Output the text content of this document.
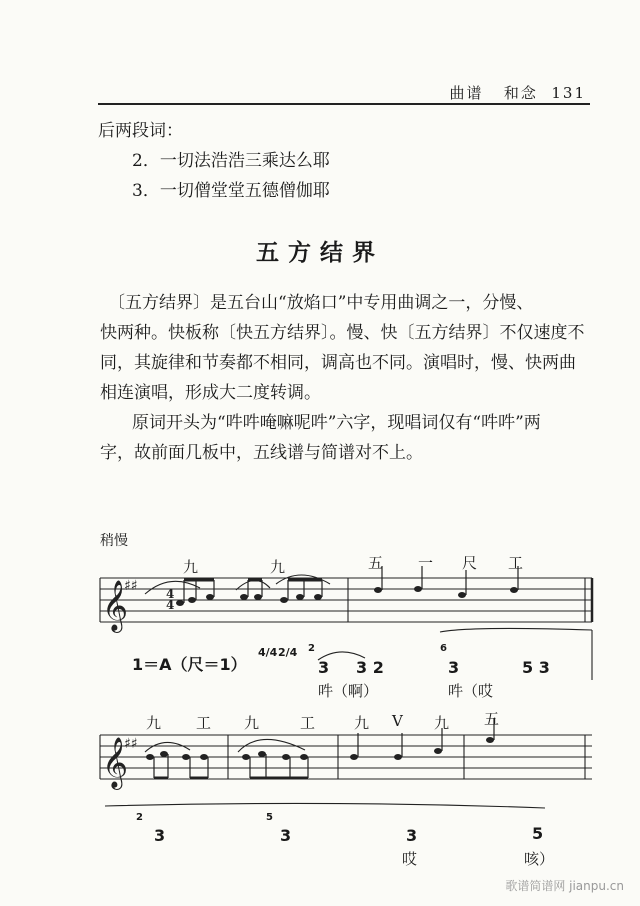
曲谱   和念  131
后两段词：
2．一切法浩浩三乘达么耶
3．一切僧堂堂五德僧伽耶
五方结界
〔五方结界〕是五台山“放焰口”中专用曲调之一，分慢、
快两种。快板称〔快五方结界〕。慢、快〔五方结界〕不仅速度不
同，其旋律和节奏都不相同，调高也不同。演唱时，慢、快两曲
相连演唱，形成大二度转调。
原词开头为“吽吽唵嘛呢吽”六字，现唱词仅有“吽吽”两
字，故前面几板中，五线谱与简谱对不上。
稍慢
九	九	五 一 尺 工
𝄞
𝄞
♯♯
♯♯
4
4
1＝A（尺＝1）
4/4 2/4 2
3 3 2
6
3	5 3
吽（啊）	吽（哎
九 工 九	工	九 V 九 五
2
3
5
3	3	5
哎	咳）
歌谱简谱网 jianpu.cn
